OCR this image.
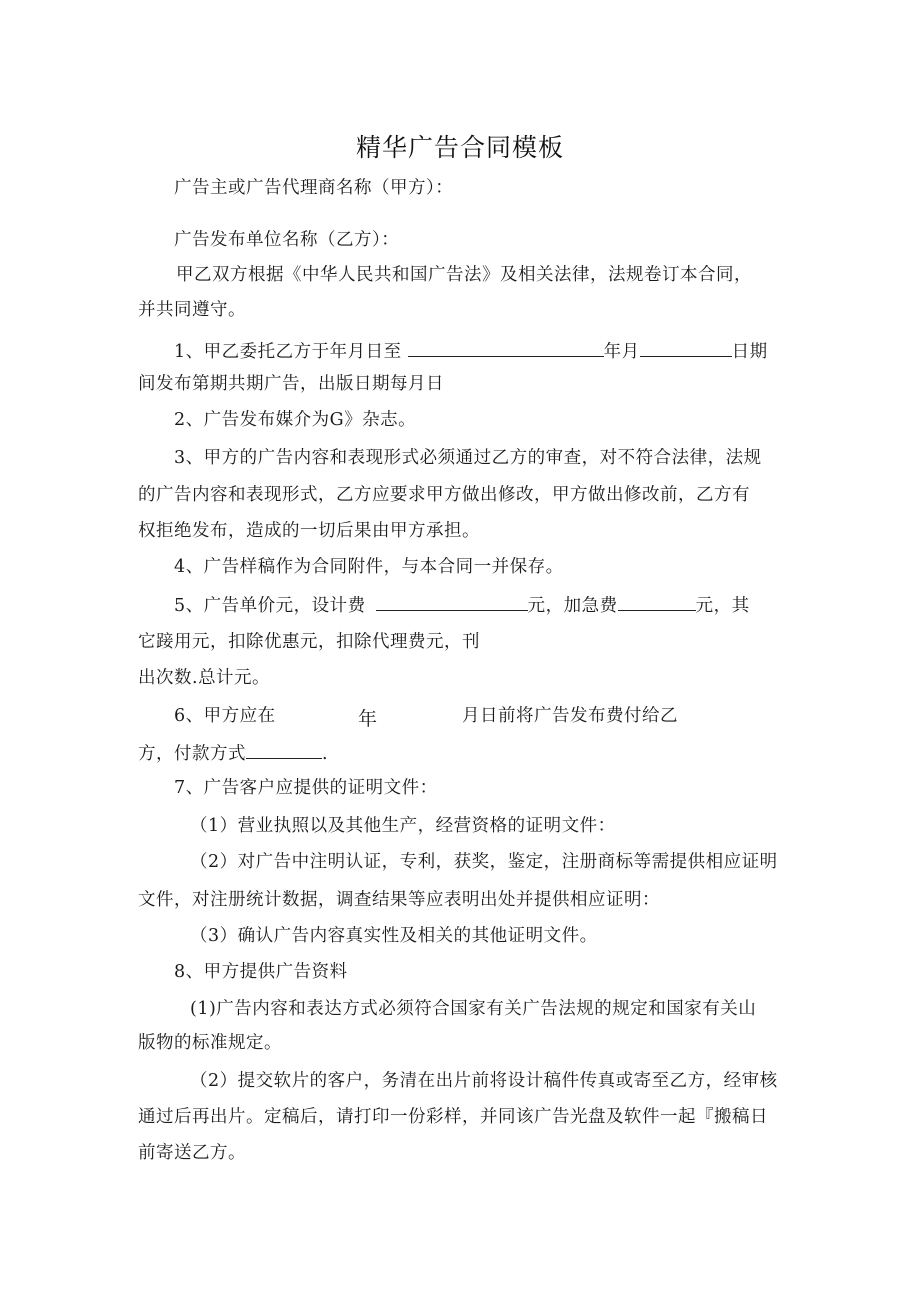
精华广告合同模板
广告主或广告代理商名称（甲方）：
广告发布单位名称（乙方）：
甲乙双方根据《中华人民共和国广告法》及相关法律，法规卷订本合同，
并共同遵守。
1、甲乙委托乙方于年月日至	年月	日期
间发布第期共期广告，出版日期每月日
2、广告发布媒介为G》杂志。
3、甲方的广告内容和表现形式必须通过乙方的审查，对不符合法律，法规
的广告内容和表现形式，乙方应要求甲方做出修改，甲方做出修改前，乙方有
权拒绝发布，造成的一切后果由甲方承担。
4、广告样稿作为合同附件，与本合同一并保存。
5、广告单价元，设计费	元，加急费	元，其
它踥用元，扣除优惠元，扣除代理费元，刊
出次数.总计元。
6、甲方应在	年	月日前将广告发布费付给乙
方，付款方式	.
7、广告客户应提供的证明文件：
（1）营业执照以及其他生产，经营资格的证明文件：
（2）对广告中注明认证，专利，获奖，鉴定，注册商标等需提供相应证明
文件，对注册统计数据，调查结果等应表明出处并提供相应证明：
（3）确认广告内容真实性及相关的其他证明文件。
8、甲方提供广告资料
(1)广告内容和表达方式必须符合国家有关广告法规的规定和国家有关山
版物的标准规定。
（2）提交软片的客户，务清在出片前将设计稿件传真或寄至乙方，经审核
通过后再出片。定稿后，请打印一份彩样，并同该广告光盘及软件一起『搬稿日
前寄送乙方。
